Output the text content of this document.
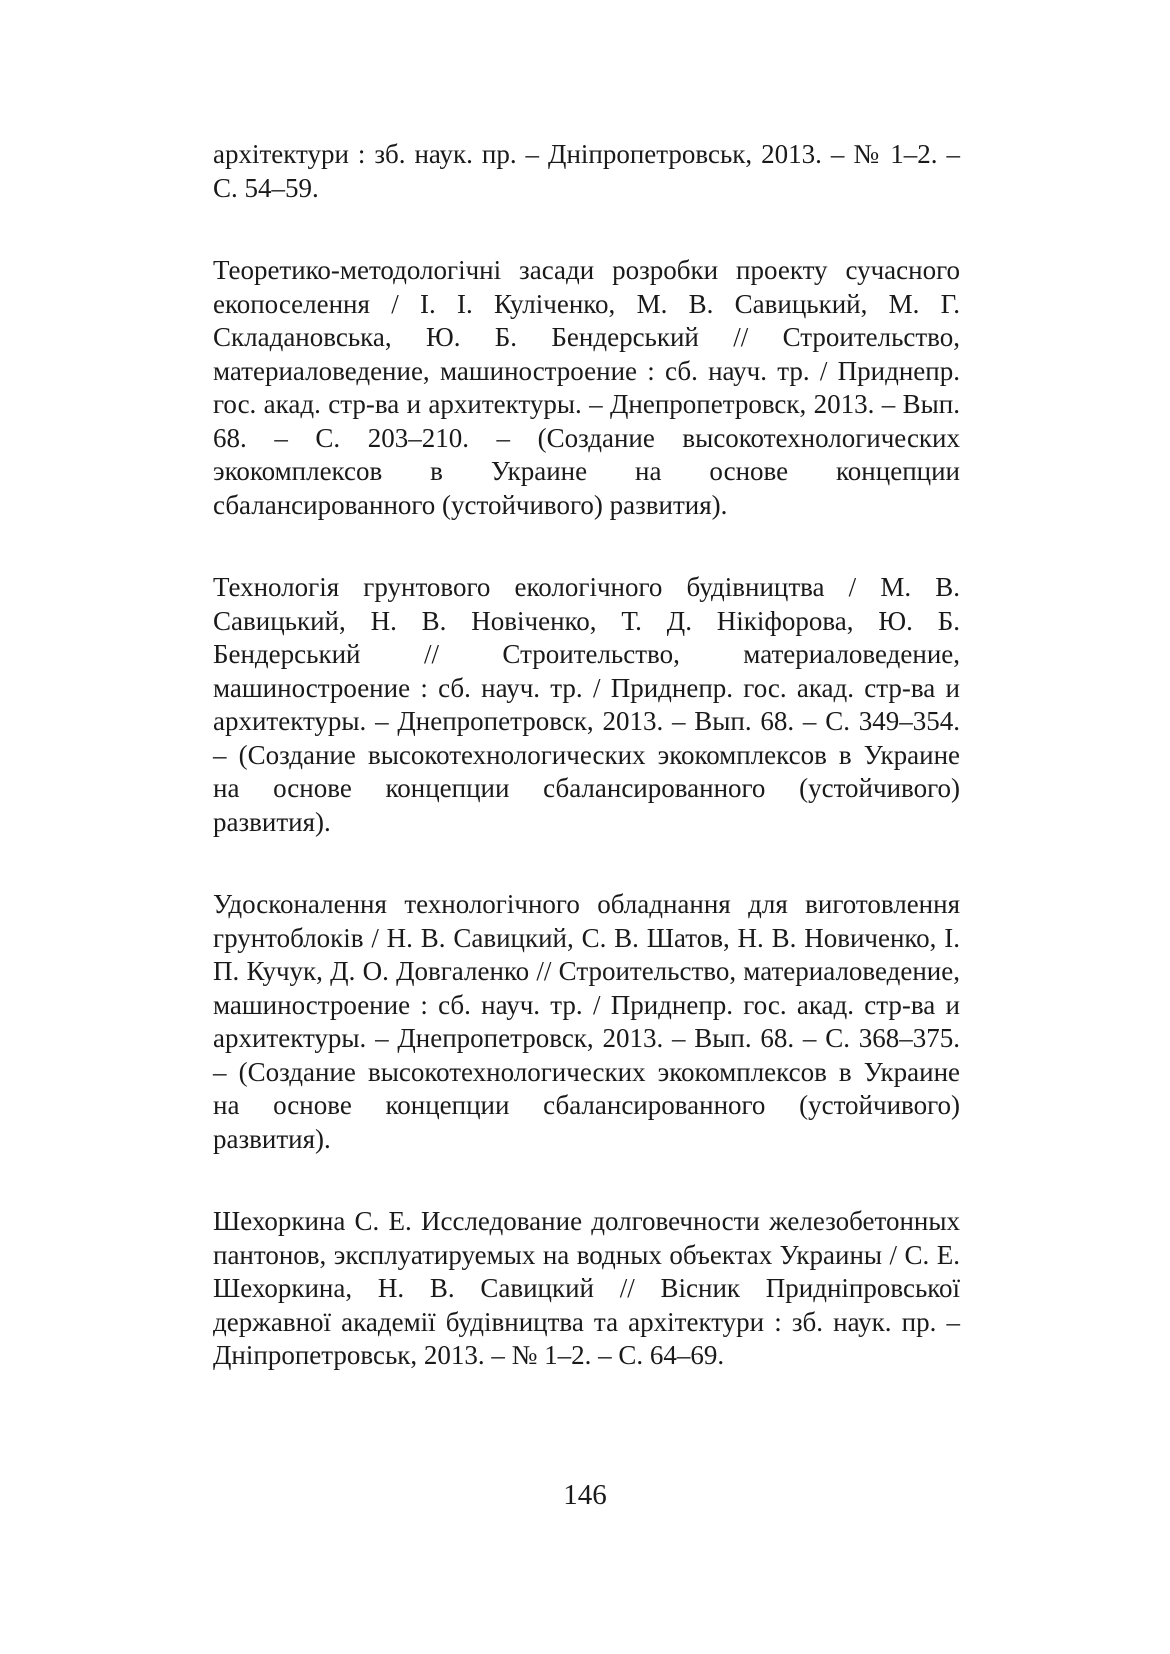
архітектури : зб. наук. пр. – Дніпропетровськ, 2013. – № 1–2. – С. 54–59.

Теоретико-методологічні засади розробки проекту сучасного екопоселення / І. І. Куліченко, М. В. Савицький, М. Г. Складановська, Ю. Б. Бендерський // Строительство, материаловедение, машиностроение : сб. науч. тр. / Приднепр. гос. акад. стр-ва и архитектуры. – Днепропетровск, 2013. – Вып. 68. – С. 203–210. – (Создание высокотехнологических экокомплексов в Украине на основе концепции сбалансированного (устойчивого) развития).

Технологія грунтового екологічного будівництва / М. В. Савицький, Н. В. Новіченко, Т. Д. Нікіфорова, Ю. Б. Бендерський // Строительство, материаловедение, машиностроение : сб. науч. тр. / Приднепр. гос. акад. стр-ва и архитектуры. – Днепропетровск, 2013. – Вып. 68. – С. 349–354. – (Создание высокотехнологических экокомплексов в Украине на основе концепции сбалансированного (устойчивого) развития).

Удосконалення технологічного обладнання для виготовлення грунтоблоків / Н. В. Савицкий, С. В. Шатов, Н. В. Новиченко, І. П. Кучук, Д. О. Довгаленко // Строительство, материаловедение, машиностроение : сб. науч. тр. / Приднепр. гос. акад. стр-ва и архитектуры. – Днепропетровск, 2013. – Вып. 68. – С. 368–375. – (Создание высокотехнологических экокомплексов в Украине на основе концепции сбалансированного (устойчивого) развития).

Шехоркина С. Е. Исследование долговечности железобетонных пантонов, эксплуатируемых на водных объектах Украины / С. Е. Шехоркина, Н. В. Савицкий // Вісник Придніпровської державної академії будівництва та архітектури : зб. наук. пр. – Дніпропетровськ, 2013. – № 1–2. – С. 64–69.

146
